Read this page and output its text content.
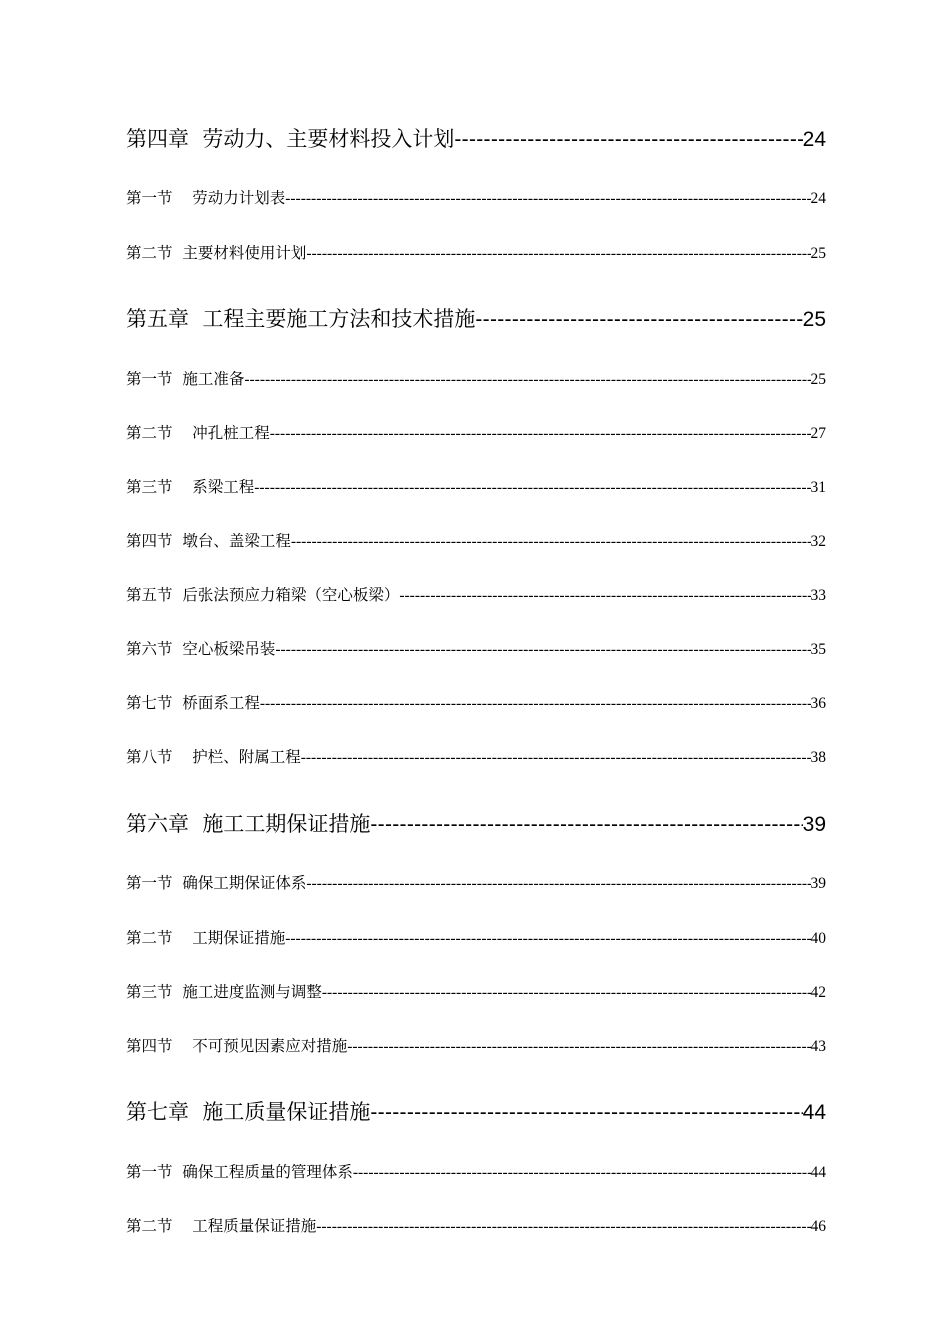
第四章  劳动力、主要材料投入计划 -----	24
第一节    劳动力计划表 -----	24
第二节  主要材料使用计划 -----	25
第五章  工程主要施工方法和技术措施 -----	25
第一节  施工准备 -----	25
第二节    冲孔桩工程 -----	27
第三节    系梁工程 -----	31
第四节  墩台、盖梁工程 -----	32
第五节  后张法预应力箱梁（空心板梁） -----	33
第六节  空心板梁吊装 -----	35
第七节  桥面系工程 -----	36
第八节    护栏、附属工程 -----	38
第六章  施工工期保证措施 -----	39
第一节  确保工期保证体系 -----	39
第二节    工期保证措施 -----	40
第三节  施工进度监测与调整 -----	42
第四节    不可预见因素应对措施 -----	43
第七章  施工质量保证措施 -----	44
第一节  确保工程质量的管理体系 -----	44
第二节    工程质量保证措施 -----	46
